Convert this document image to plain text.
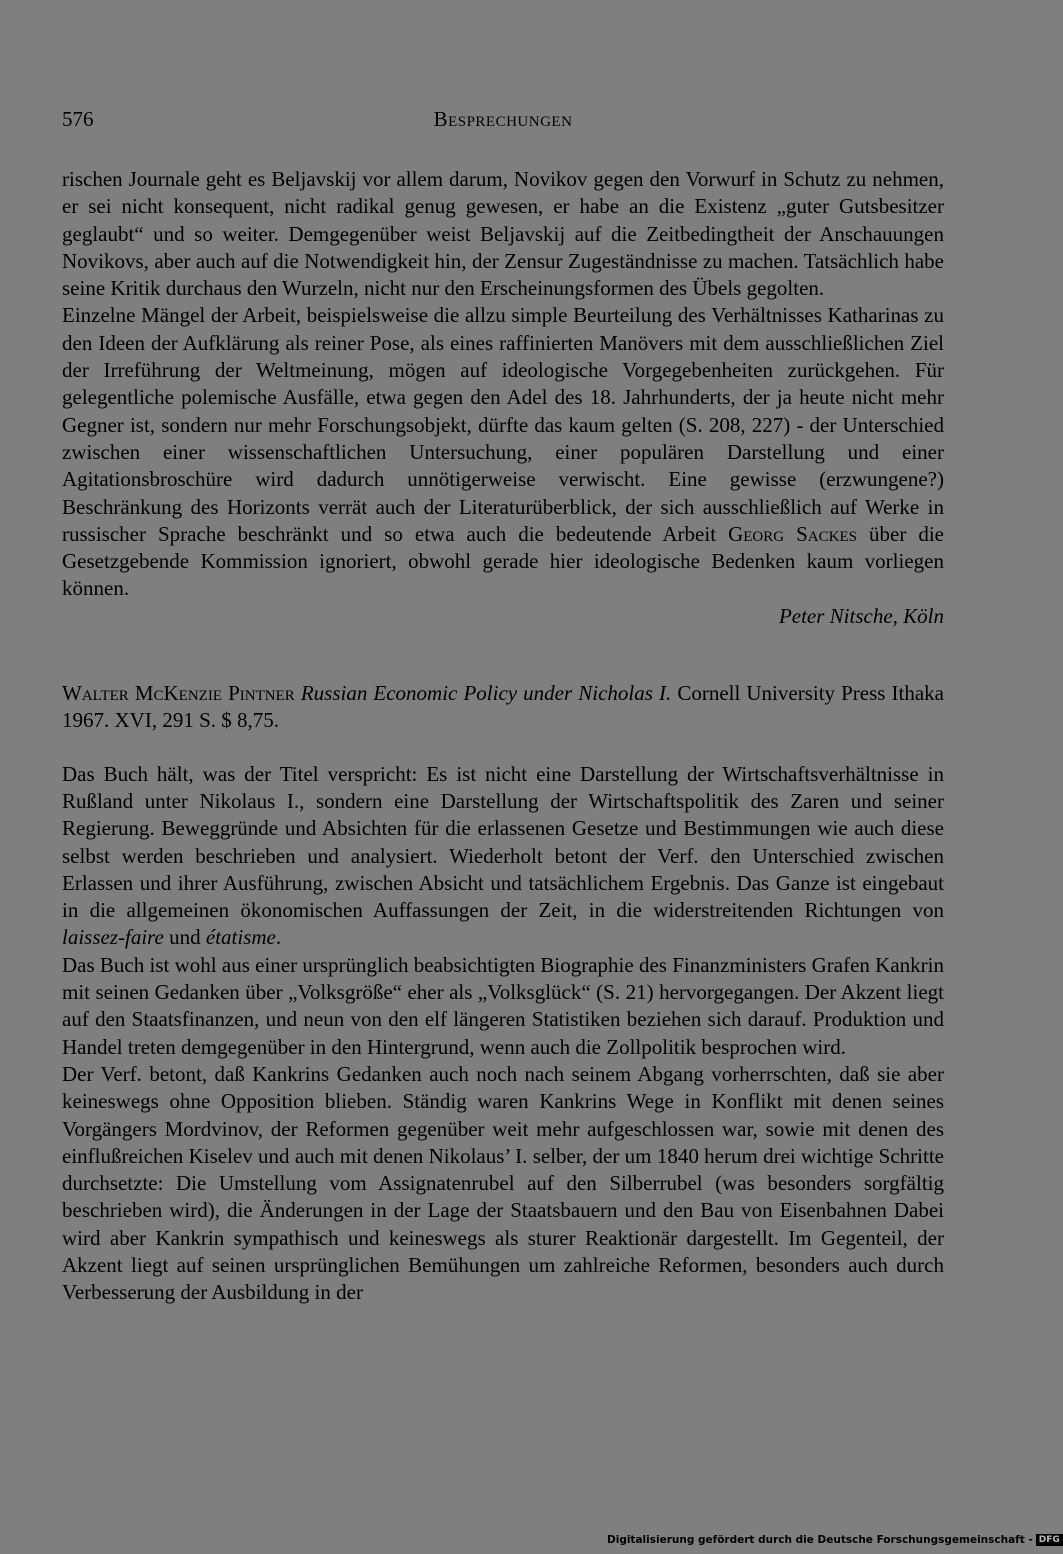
576	Besprechungen

rischen Journale geht es Beljavskij vor allem darum, Novikov gegen den Vorwurf in Schutz zu nehmen, er sei nicht konsequent, nicht radikal genug gewesen, er habe an die Existenz „guter Gutsbesitzer geglaubt“ und so weiter. Demgegenüber weist Beljavskij auf die Zeitbedingtheit der Anschauungen Novikovs, aber auch auf die Notwendigkeit hin, der Zensur Zugeständnisse zu machen. Tatsächlich habe seine Kritik durchaus den Wurzeln, nicht nur den Erscheinungsformen des Übels gegolten.

Einzelne Mängel der Arbeit, beispielsweise die allzu simple Beurteilung des Verhältnisses Katharinas zu den Ideen der Aufklärung als reiner Pose, als eines raffinierten Manövers mit dem ausschließlichen Ziel der Irreführung der Weltmeinung, mögen auf ideologische Vorgegebenheiten zurückgehen. Für gelegentliche polemische Ausfälle, etwa gegen den Adel des 18. Jahrhunderts, der ja heute nicht mehr Gegner ist, sondern nur mehr Forschungsobjekt, dürfte das kaum gelten (S. 208, 227) - der Unterschied zwischen einer wissenschaftlichen Untersuchung, einer populären Darstellung und einer Agitationsbroschüre wird dadurch unnötigerweise verwischt. Eine gewisse (erzwungene?) Beschränkung des Horizonts verrät auch der Literaturüberblick, der sich ausschließlich auf Werke in russischer Sprache beschränkt und so etwa auch die bedeutende Arbeit Georg Sackes über die Gesetzgebende Kommission ignoriert, obwohl gerade hier ideologische Bedenken kaum vorliegen können.

Peter Nitsche, Köln

Walter McKenzie Pintner Russian Economic Policy under Nicholas I. Cornell University Press Ithaka 1967. XVI, 291 S. $ 8,75.

Das Buch hält, was der Titel verspricht: Es ist nicht eine Darstellung der Wirtschaftsverhältnisse in Rußland unter Nikolaus I., sondern eine Darstellung der Wirtschaftspolitik des Zaren und seiner Regierung. Beweggründe und Absichten für die erlassenen Gesetze und Bestimmungen wie auch diese selbst werden beschrieben und analysiert. Wiederholt betont der Verf. den Unterschied zwischen Erlassen und ihrer Ausführung, zwischen Absicht und tatsächlichem Ergebnis. Das Ganze ist eingebaut in die allgemeinen ökonomischen Auffassungen der Zeit, in die widerstreitenden Richtungen von laissez-faire und étatisme.

Das Buch ist wohl aus einer ursprünglich beabsichtigten Biographie des Finanzministers Grafen Kankrin mit seinen Gedanken über „Volksgröße“ eher als „Volksglück“ (S. 21) hervorgegangen. Der Akzent liegt auf den Staatsfinanzen, und neun von den elf längeren Statistiken beziehen sich darauf. Produktion und Handel treten demgegenüber in den Hintergrund, wenn auch die Zollpolitik besprochen wird.

Der Verf. betont, daß Kankrins Gedanken auch noch nach seinem Abgang vorherrschten, daß sie aber keineswegs ohne Opposition blieben. Ständig waren Kankrins Wege in Konflikt mit denen seines Vorgängers Mordvinov, der Reformen gegenüber weit mehr aufgeschlossen war, sowie mit denen des einflußreichen Kiselev und auch mit denen Nikolaus’ I. selber, der um 1840 herum drei wichtige Schritte durchsetzte: Die Umstellung vom Assignatenrubel auf den Silberrubel (was besonders sorgfältig beschrieben wird), die Änderungen in der Lage der Staatsbauern und den Bau von Eisenbahnen Dabei wird aber Kankrin sympathisch und keineswegs als sturer Reaktionär dargestellt. Im Gegenteil, der Akzent liegt auf seinen ursprünglichen Bemühungen um zahlreiche Reformen, besonders auch durch Verbesserung der Ausbildung in der

Digitalisierung gefördert durch die Deutsche Forschungsgemeinschaft - DFG
